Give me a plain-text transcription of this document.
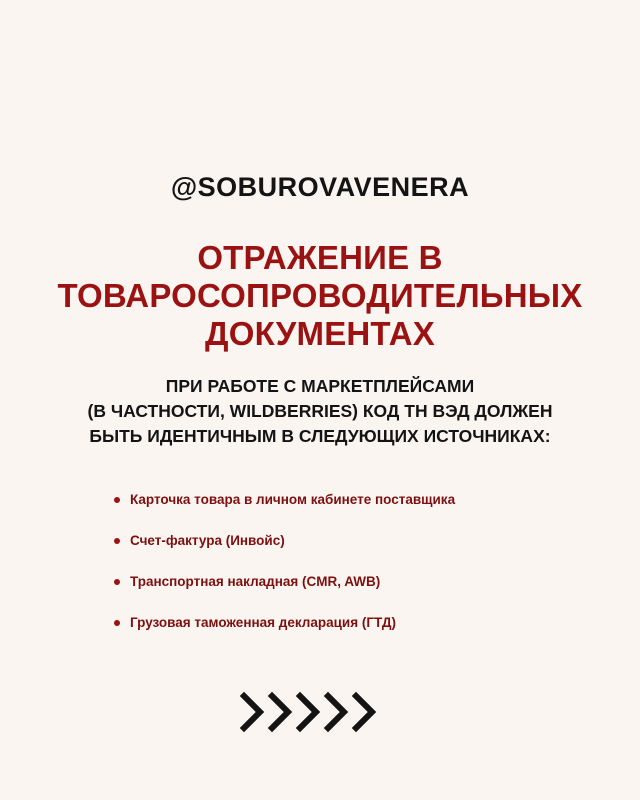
@SOBUROVAVENERA
ОТРАЖЕНИЕ В
ТОВАРОСОПРОВОДИТЕЛЬНЫХ
ДОКУМЕНТАХ
ПРИ РАБОТЕ С МАРКЕТПЛЕЙСАМИ
(В ЧАСТНОСТИ, WILDBERRIES) КОД ТН ВЭД ДОЛЖЕН
БЫТЬ ИДЕНТИЧНЫМ В СЛЕДУЮЩИХ ИСТОЧНИКАХ:
Карточка товара в личном кабинете поставщика
Счет-фактура (Инвойс)
Транспортная накладная (CMR, AWB)
Грузовая таможенная декларация (ГТД)
